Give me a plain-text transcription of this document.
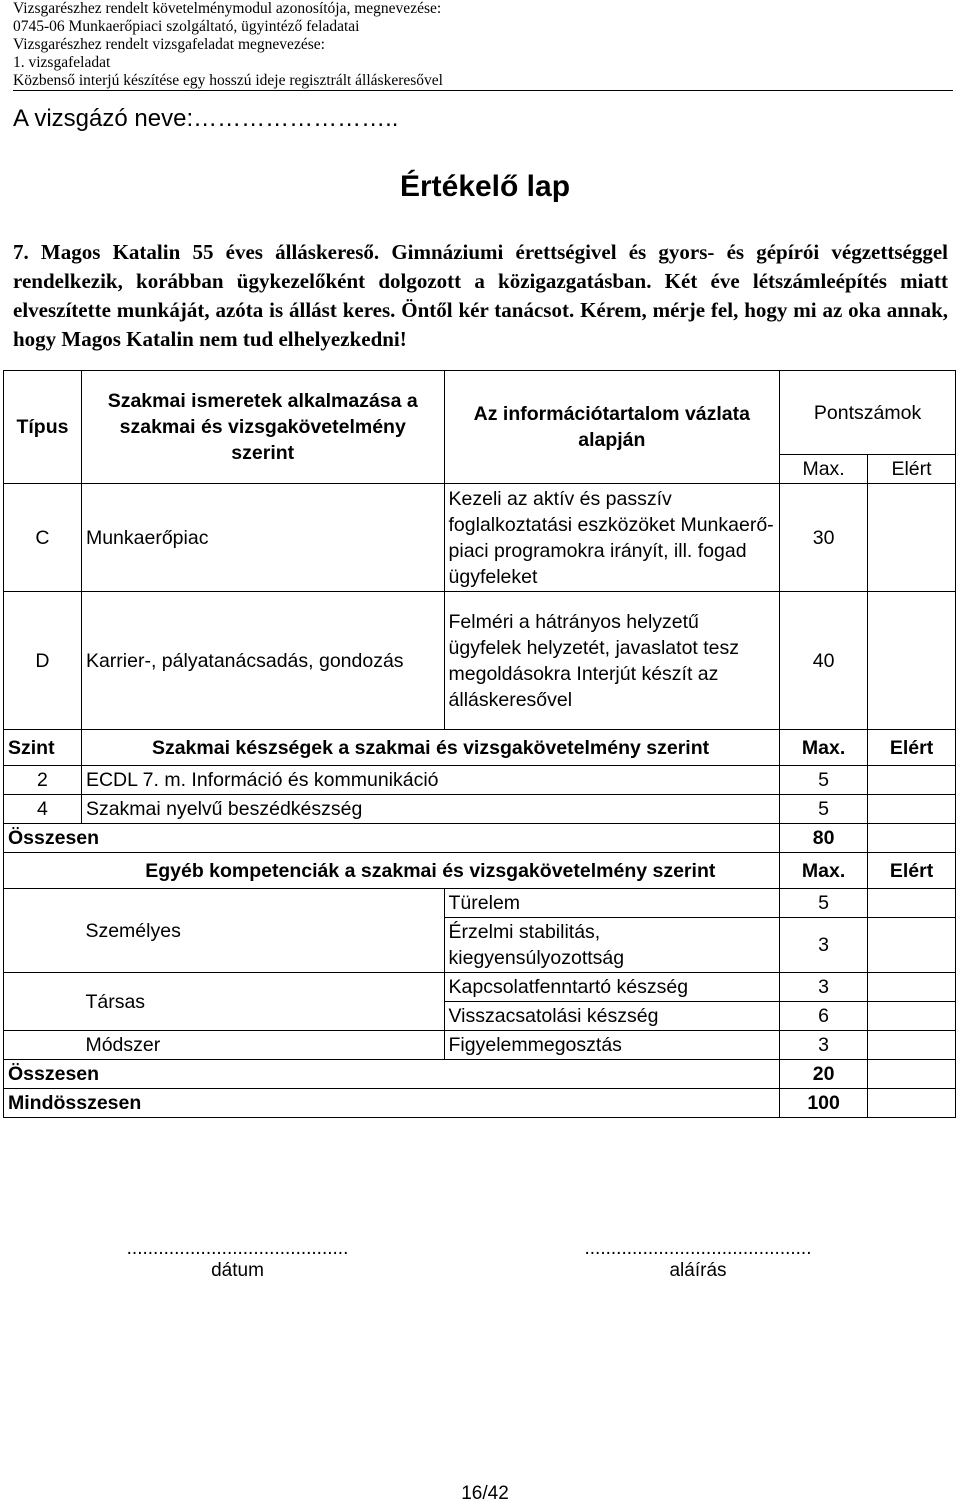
Vizsgarészhez rendelt követelménymodul azonosítója, megnevezése:
0745-06 Munkaerőpiaci szolgáltató, ügyintéző feladatai
Vizsgarészhez rendelt vizsgafeladat megnevezése:
1. vizsgafeladat
Közbenső interjú készítése egy hosszú ideje regisztrált álláskeresővel
A vizsgázó neve:……………………..
Értékelő lap
7. Magos Katalin 55 éves álláskereső. Gimnáziumi érettségivel és gyors- és gépírói végzettséggel rendelkezik, korábban ügykezelőként dolgozott a közigazgatásban. Két éve létszámleépítés miatt elveszítette munkáját, azóta is állást keres. Öntől kér tanácsot. Kérem, mérje fel, hogy mi az oka annak, hogy Magos Katalin nem tud elhelyezkedni!
Típus	Szakmai ismeretek alkalmazása a szakmai és vizsgakövetelmény szerint	Az információtartalom vázlata alapján	Pontszámok	
			Max.	Elért
C	Munkaerőpiac	Kezeli az aktív és passzív foglalkoztatási eszközöket Munkaerő-piaci programokra irányít, ill. fogad ügyfeleket	30	
D	Karrier-, pályatanácsadás, gondozás	Felméri a hátrányos helyzetű ügyfelek helyzetét, javaslatot tesz megoldásokra Interjút készít az álláskeresővel	40	
Szint	Szakmai készségek a szakmai és vizsgakövetelmény szerint		Max.	Elért
2	ECDL 7. m. Információ és kommunikáció		5	
4	Szakmai nyelvű beszédkészség		5	
Összesen			80	
	Egyéb kompetenciák a szakmai és vizsgakövetelmény szerint		Max.	Elért
	Személyes	Türelem	5	
		Érzelmi stabilitás, kiegyensúlyozottság	3	
	Társas	Kapcsolatfenntartó készség	3	
		Visszacsatolási készség	6	
	Módszer	Figyelemmegosztás	3	
Összesen			20	
Mindösszesen			100	
..........................................
dátum
...........................................
aláírás
16/42
